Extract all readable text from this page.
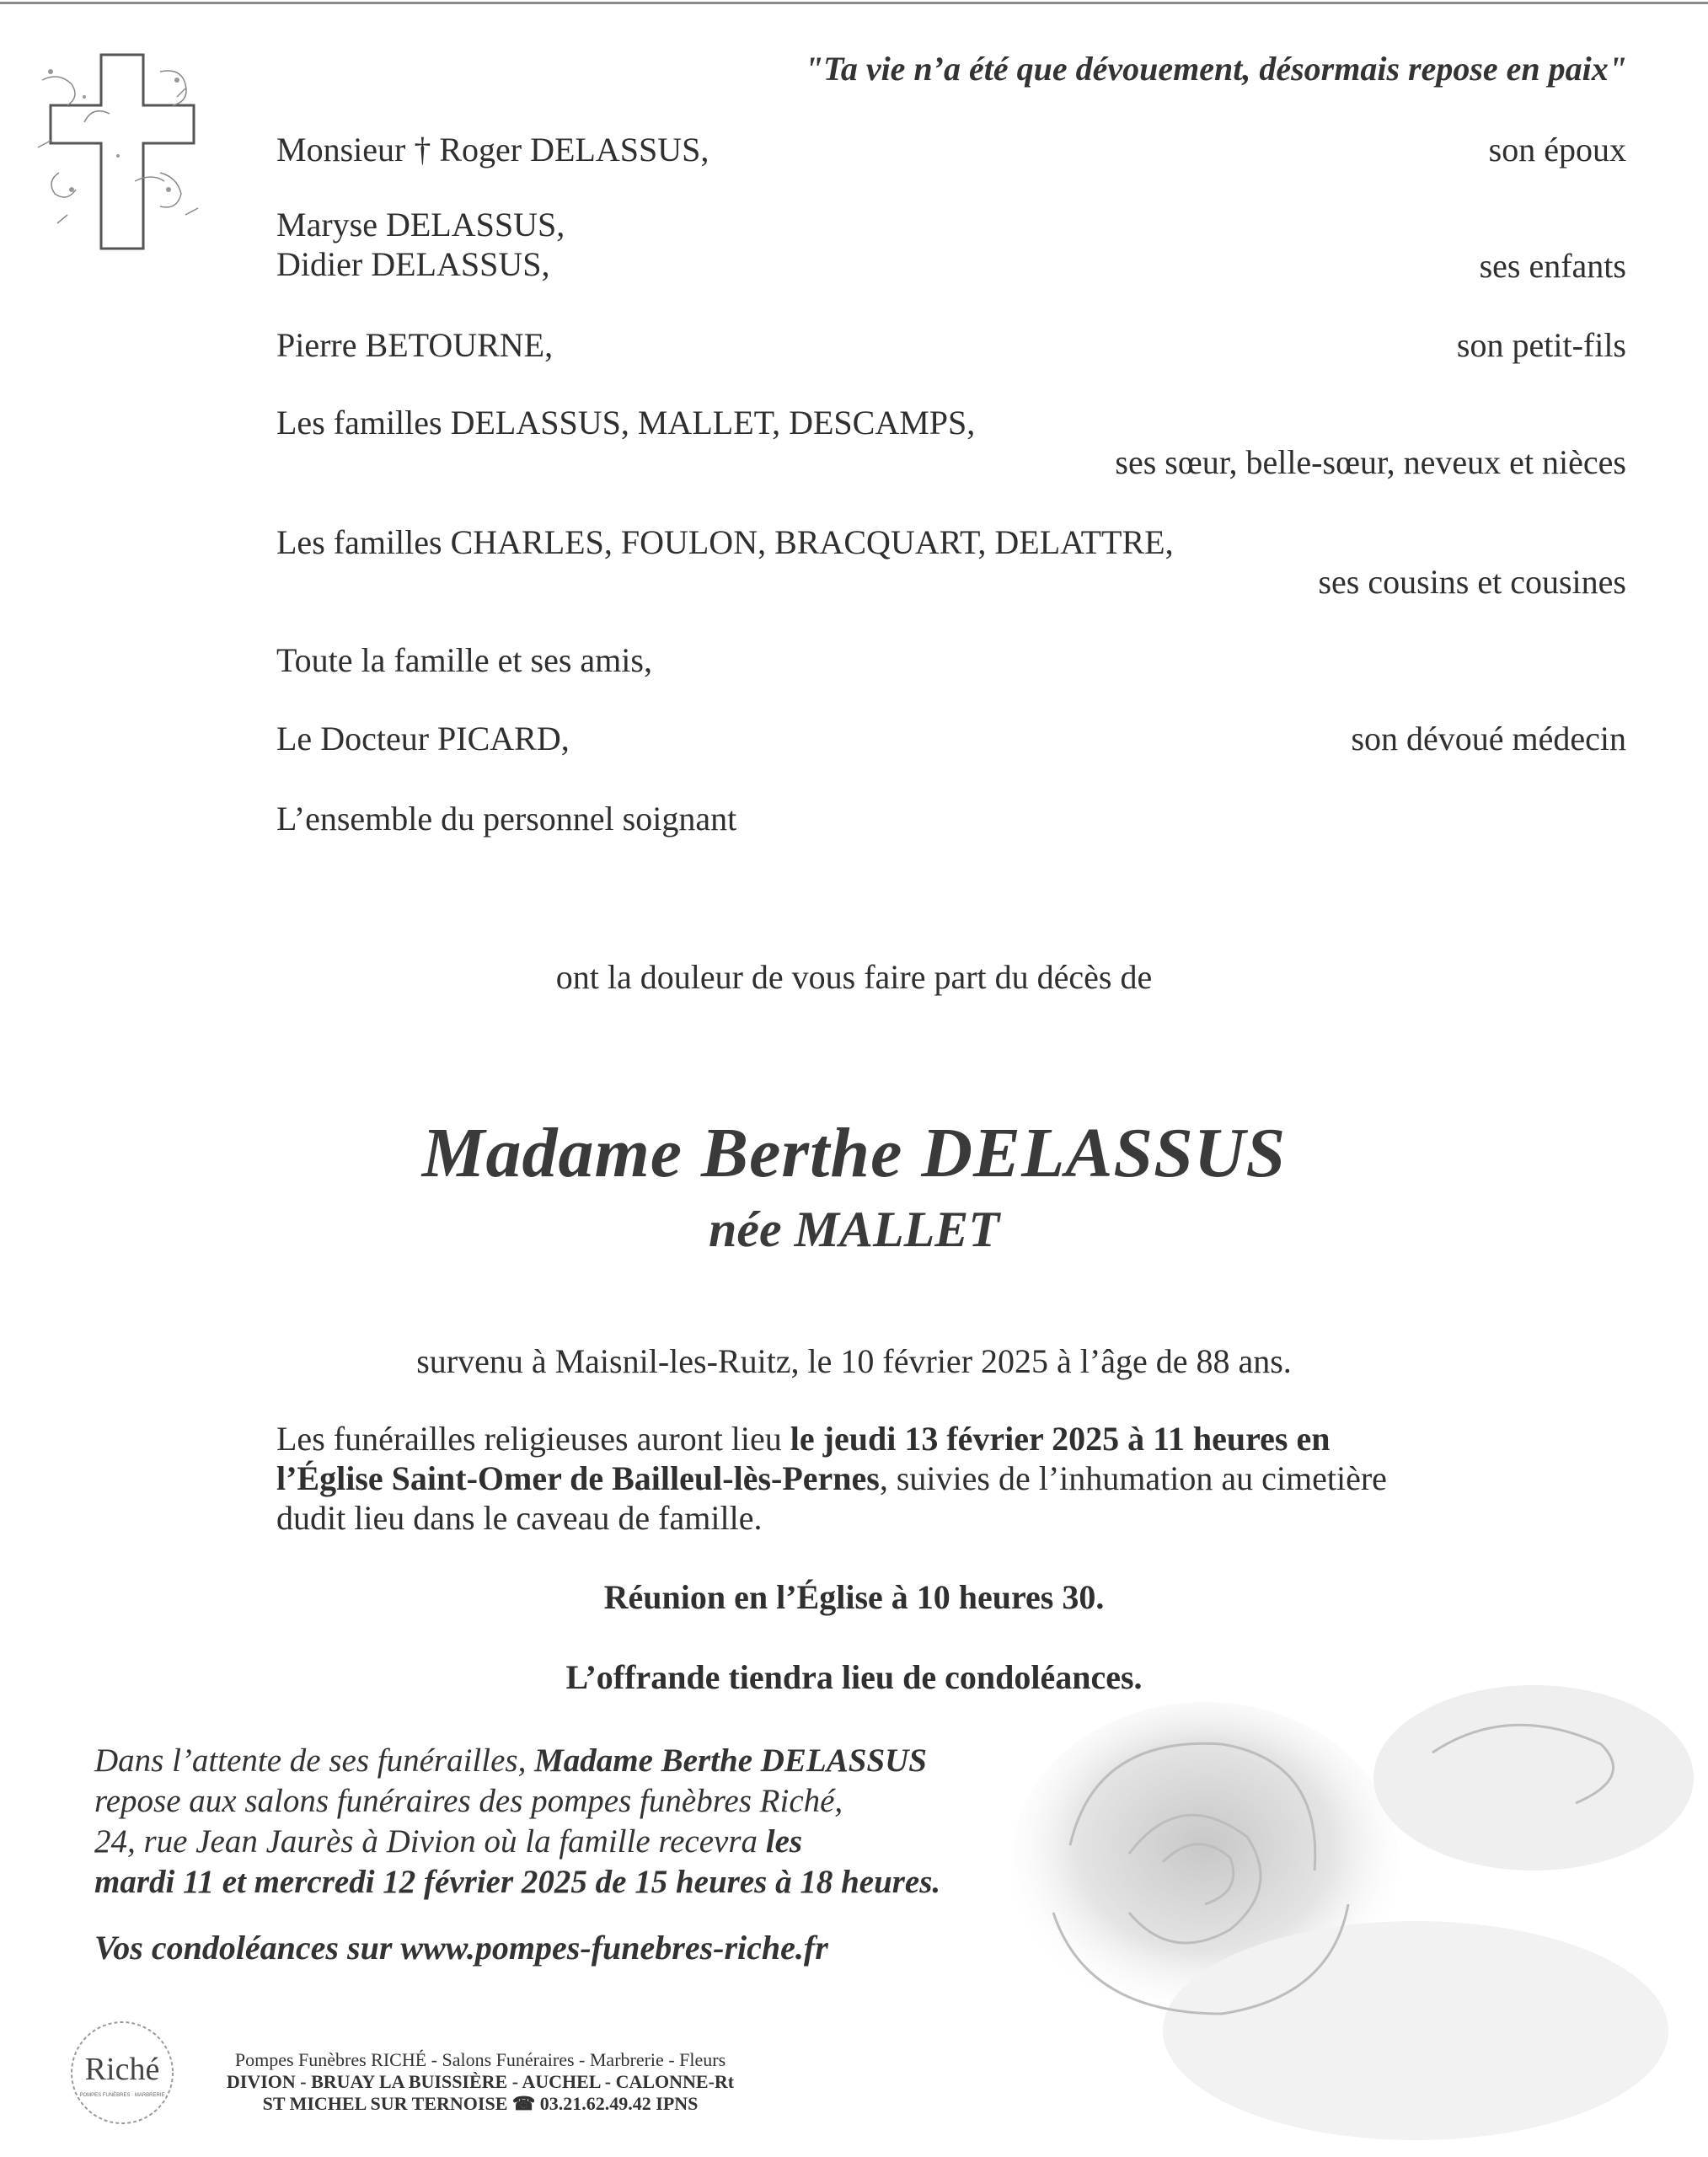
"Ta vie n’a été que dévouement, désormais repose en paix"
Monsieur † Roger DELASSUS,	son époux
Maryse DELASSUS,
Didier DELASSUS,	ses enfants
Pierre BETOURNE,	son petit-fils
Les familles DELASSUS, MALLET, DESCAMPS,
ses sœur, belle-sœur, neveux et nièces
Les familles CHARLES, FOULON, BRACQUART, DELATTRE,
ses cousins et cousines
Toute la famille et ses amis,
Le Docteur PICARD,	son dévoué médecin
L’ensemble du personnel soignant
ont la douleur de vous faire part du décès de
Madame Berthe DELASSUS
née MALLET
survenu à Maisnil-les-Ruitz, le 10 février 2025 à l’âge de 88 ans.
Les funérailles religieuses auront lieu le jeudi 13 février 2025 à 11 heures en
l’Église Saint-Omer de Bailleul-lès-Pernes, suivies de l’inhumation au cimetière
dudit lieu dans le caveau de famille.
Réunion en l’Église à 10 heures 30.
L’offrande tiendra lieu de condoléances.
Dans l’attente de ses funérailles, Madame Berthe DELASSUS
repose aux salons funéraires des pompes funèbres Riché,
24, rue Jean Jaurès à Divion où la famille recevra les
mardi 11 et mercredi 12 février 2025 de 15 heures à 18 heures.
Vos condoléances sur www.pompes-funebres-riche.fr
Riché
POMPES FUNÈBRES · MARBRERIE
Pompes Funèbres RICHÉ - Salons Funéraires - Marbrerie - Fleurs
DIVION - BRUAY LA BUISSIÈRE - AUCHEL - CALONNE-Rt
ST MICHEL SUR TERNOISE ☎ 03.21.62.49.42 IPNS
